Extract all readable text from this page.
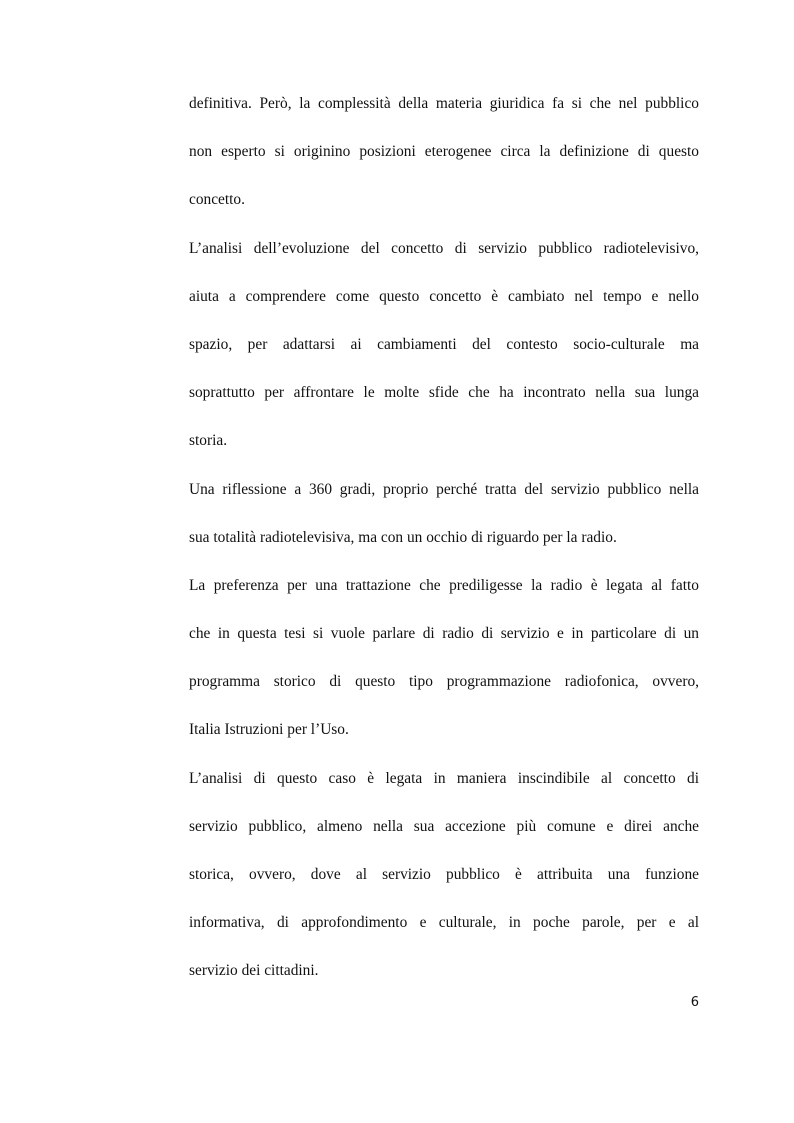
definitiva. Però, la complessità della materia giuridica fa si che nel pubblico
non esperto si originino posizioni eterogenee circa la definizione di questo
concetto.
L’analisi dell’evoluzione del concetto di servizio pubblico radiotelevisivo,
aiuta a comprendere come questo concetto è cambiato nel tempo e nello
spazio, per adattarsi ai cambiamenti del contesto socio-culturale ma
soprattutto per affrontare le molte sfide che ha incontrato nella sua lunga
storia.
Una riflessione a 360 gradi, proprio perché tratta del servizio pubblico nella
sua totalità radiotelevisiva, ma con un occhio di riguardo per la radio.
La preferenza per una trattazione che prediligesse la radio è legata al fatto
che in questa tesi si vuole parlare di radio di servizio e in particolare di un
programma storico di questo tipo programmazione radiofonica, ovvero,
Italia Istruzioni per l’Uso.
L’analisi di questo caso è legata in maniera inscindibile al concetto di
servizio pubblico, almeno nella sua accezione più comune e direi anche
storica, ovvero, dove al servizio pubblico è attribuita una funzione
informativa, di approfondimento e culturale, in poche parole, per e al
servizio dei cittadini.
6
